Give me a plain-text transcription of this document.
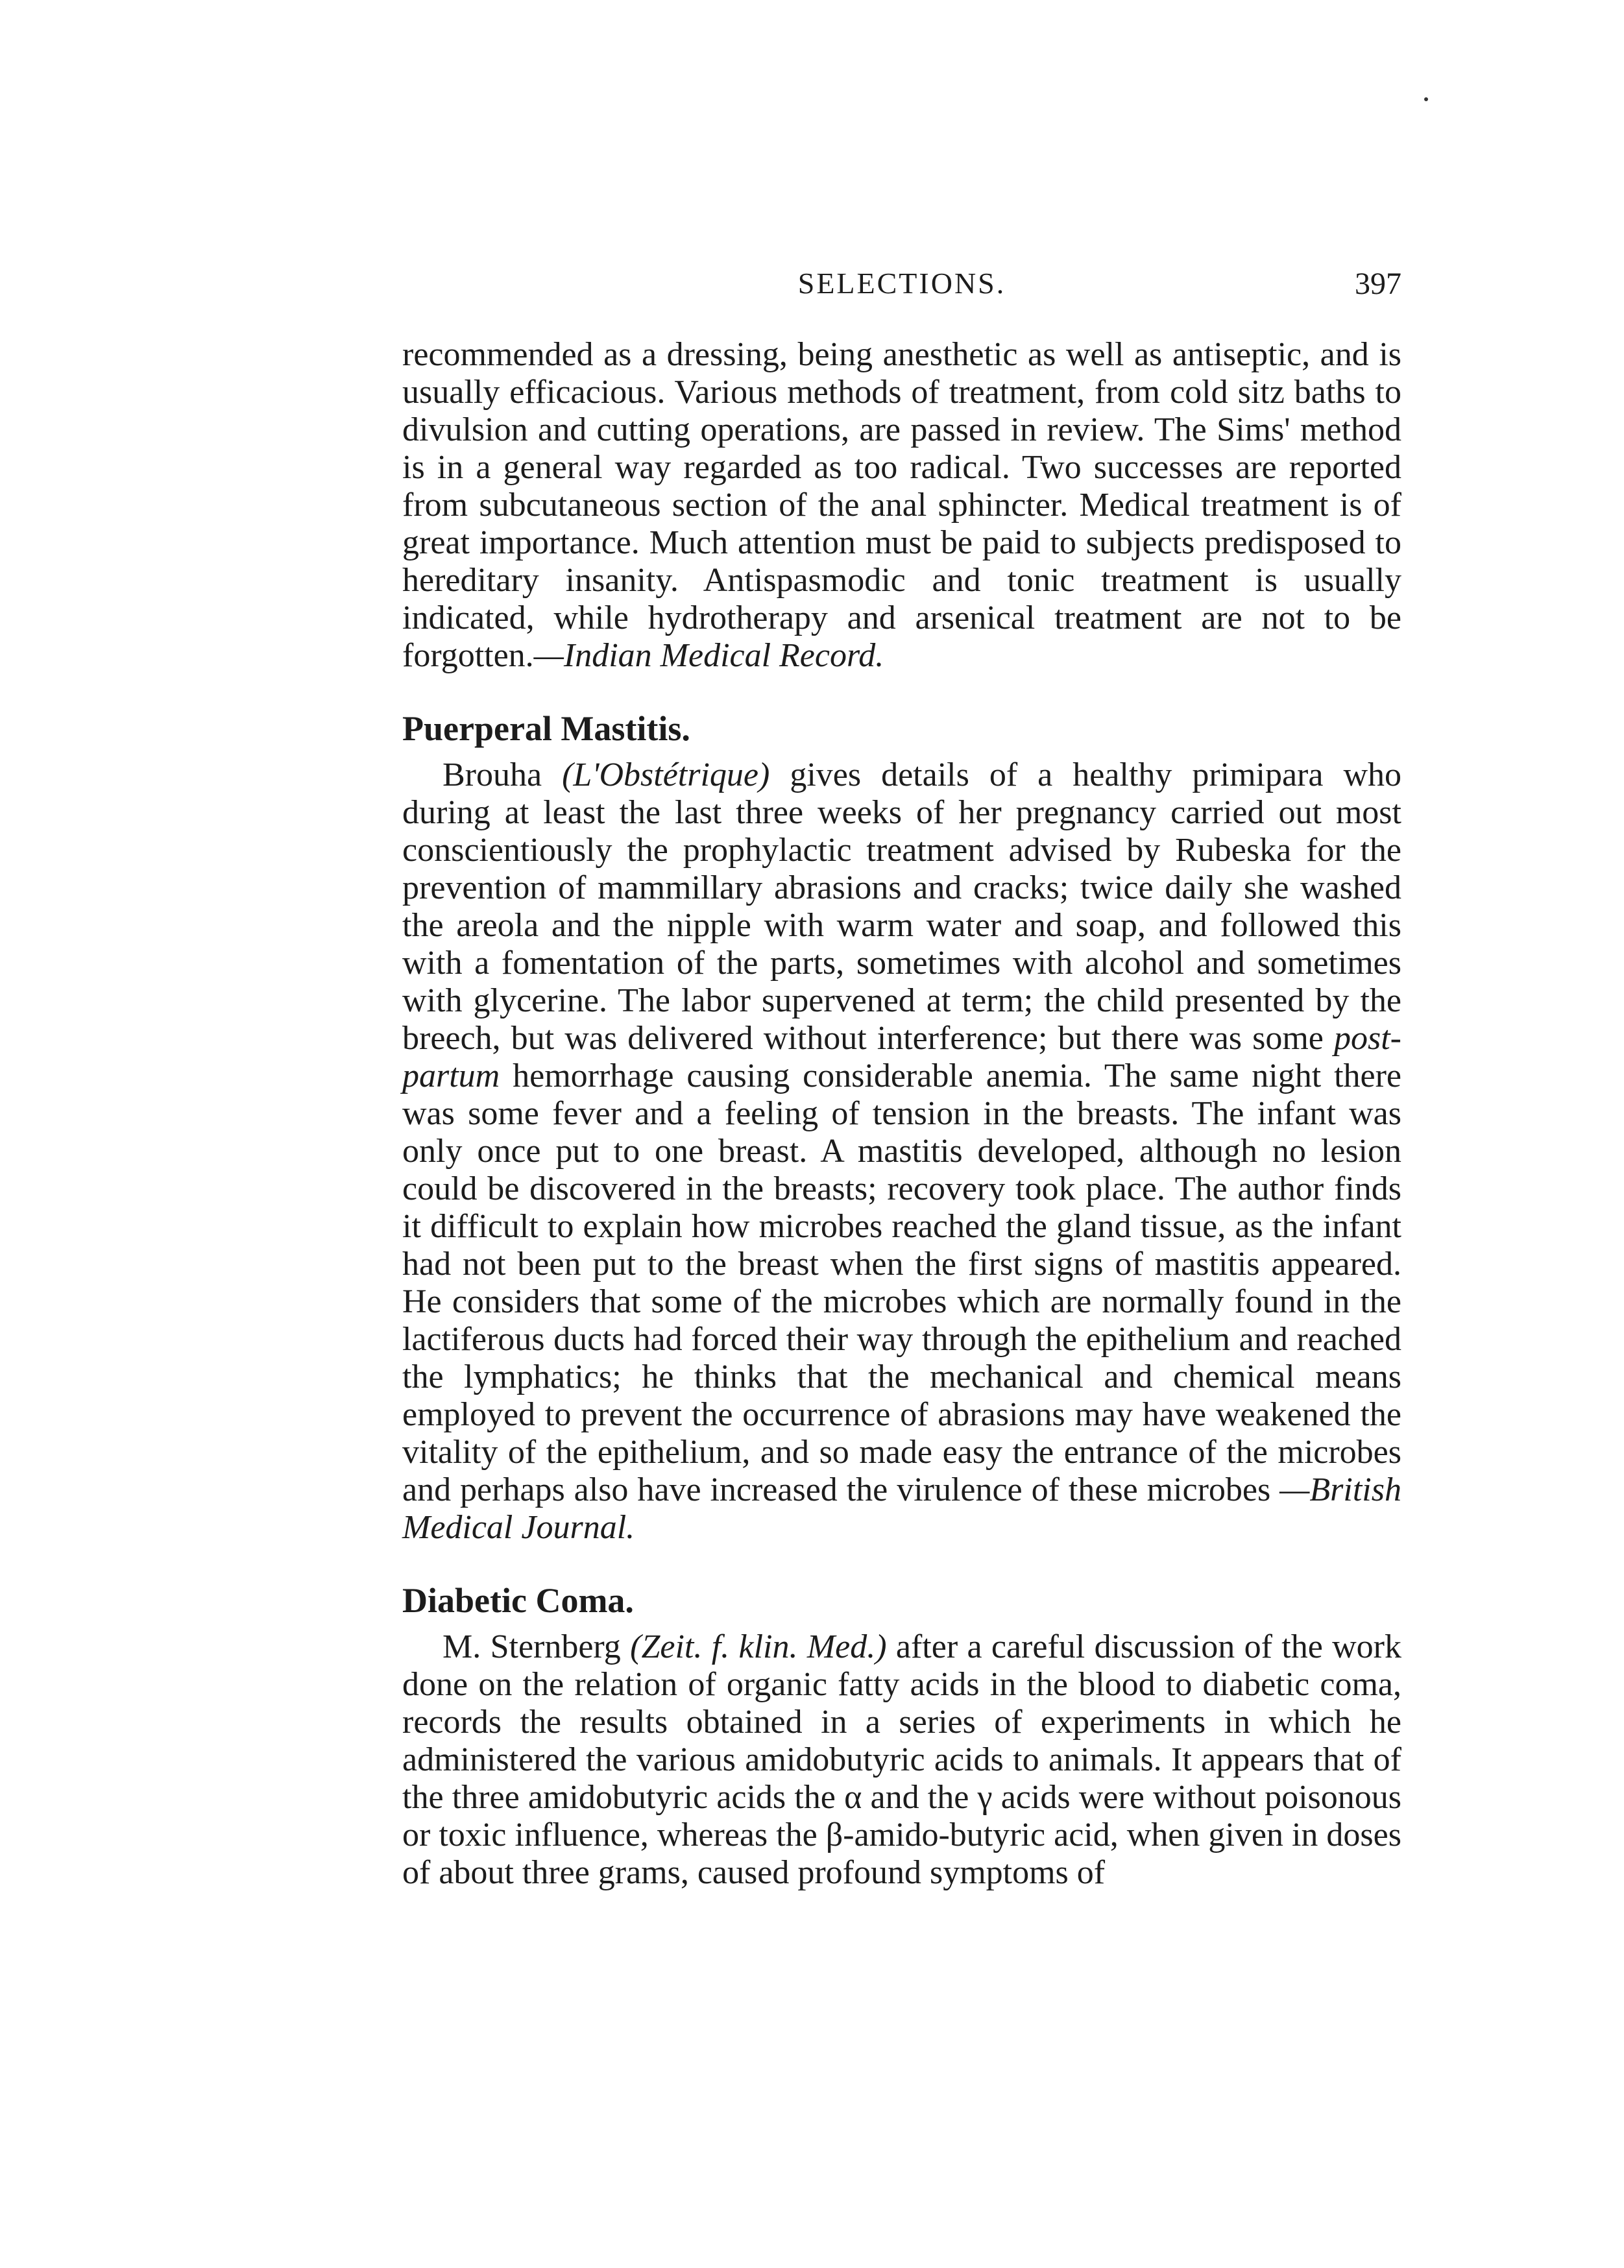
SELECTIONS.	397

recommended as a dressing, being anesthetic as well as antiseptic, and is usually efficacious. Various methods of treatment, from cold sitz baths to divulsion and cutting operations, are passed in review. The Sims' method is in a general way regarded as too radical. Two successes are reported from subcutaneous section of the anal sphincter. Medical treatment is of great importance. Much attention must be paid to subjects predisposed to hereditary insanity. Antispasmodic and tonic treatment is usually indicated, while hydrotherapy and arsenical treatment are not to be forgotten.—Indian Medical Record.

Puerperal Mastitis.

Brouha (L'Obstétrique) gives details of a healthy primipara who during at least the last three weeks of her pregnancy carried out most conscientiously the prophylactic treatment advised by Rubeska for the prevention of mammillary abrasions and cracks; twice daily she washed the areola and the nipple with warm water and soap, and followed this with a fomentation of the parts, sometimes with alcohol and sometimes with glycerine. The labor supervened at term; the child presented by the breech, but was delivered without interference; but there was some post-partum hemorrhage causing considerable anemia. The same night there was some fever and a feeling of tension in the breasts. The infant was only once put to one breast. A mastitis developed, although no lesion could be discovered in the breasts; recovery took place. The author finds it difficult to explain how microbes reached the gland tissue, as the infant had not been put to the breast when the first signs of mastitis appeared. He considers that some of the microbes which are normally found in the lactiferous ducts had forced their way through the epithelium and reached the lymphatics; he thinks that the mechanical and chemical means employed to prevent the occurrence of abrasions may have weakened the vitality of the epithelium, and so made easy the entrance of the microbes and perhaps also have increased the virulence of these microbes —British Medical Journal.

Diabetic Coma.

M. Sternberg (Zeit. f. klin. Med.) after a careful discussion of the work done on the relation of organic fatty acids in the blood to diabetic coma, records the results obtained in a series of experiments in which he administered the various amidobutyric acids to animals. It appears that of the three amidobutyric acids the α and the γ acids were without poisonous or toxic influence, whereas the β-amido-butyric acid, when given in doses of about three grams, caused profound symptoms of
